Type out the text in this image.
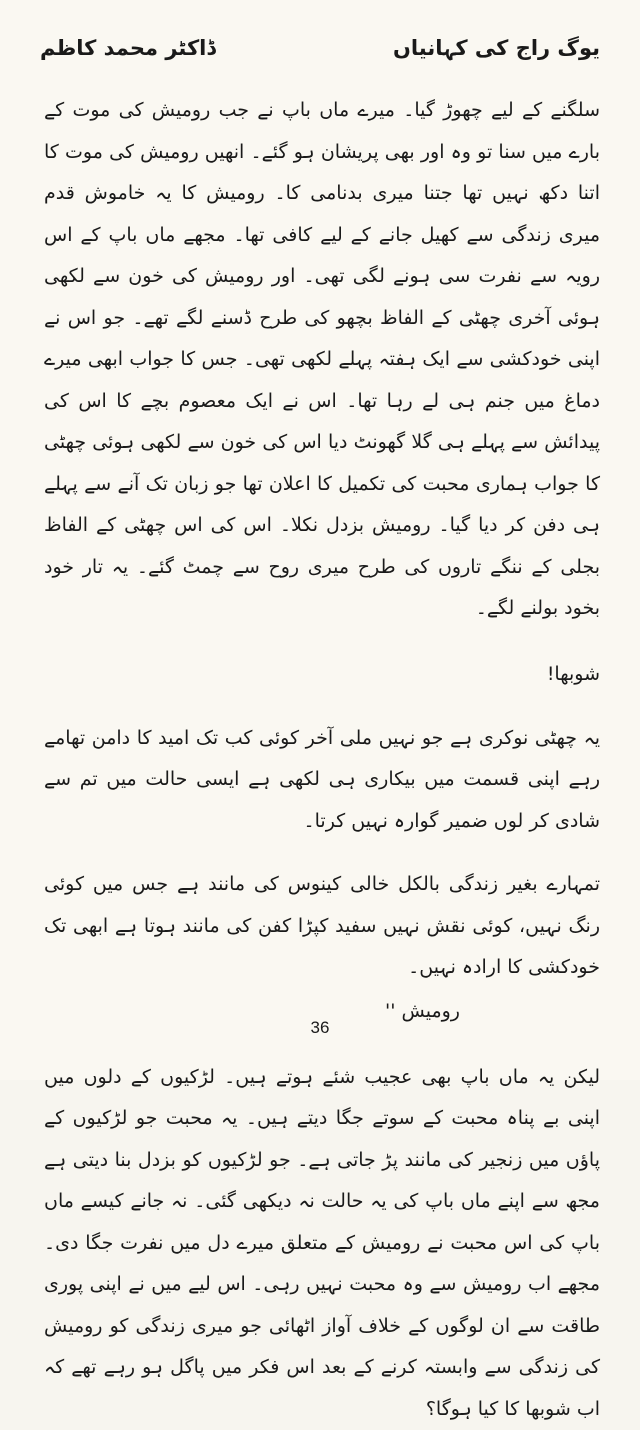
ڈاکٹر محمد کاظم	یوگ راج کی کہانیاں

سلگنے کے لیے چھوڑ گیا۔ میرے ماں باپ نے جب رومیش کی موت کے بارے میں سنا تو وہ اور بھی پریشان ہو گئے۔ انھیں رومیش کی موت کا اتنا دکھ نہیں تھا جتنا میری بدنامی کا۔ رومیش کا یہ خاموش قدم میری زندگی سے کھیل جانے کے لیے کافی تھا۔ مجھے ماں باپ کے اس رویہ سے نفرت سی ہونے لگی تھی۔ اور رومیش کی خون سے لکھی ہوئی آخری چھٹی کے الفاظ بچھو کی طرح ڈسنے لگے تھے۔ جو اس نے اپنی خودکشی سے ایک ہفتہ پہلے لکھی تھی۔ جس کا جواب ابھی میرے دماغ میں جنم ہی لے رہا تھا۔ اس نے ایک معصوم بچے کا اس کی پیدائش سے پہلے ہی گلا گھونٹ دیا اس کی خون سے لکھی ہوئی چھٹی کا جواب ہماری محبت کی تکمیل کا اعلان تھا جو زبان تک آنے سے پہلے ہی دفن کر دیا گیا۔ رومیش بزدل نکلا۔ اس کی اس چھٹی کے الفاظ بجلی کے ننگے تاروں کی طرح میری روح سے چمٹ گئے۔ یہ تار خود بخود بولنے لگے۔

شوبھا!

یہ چھٹی نوکری ہے جو نہیں ملی آخر کوئی کب تک امید کا دامن تھامے رہے اپنی قسمت میں بیکاری ہی لکھی ہے ایسی حالت میں تم سے شادی کر لوں ضمیر گوارہ نہیں کرتا۔

تمہارے بغیر زندگی بالکل خالی کینوس کی مانند ہے جس میں کوئی رنگ نہیں، کوئی نقش نہیں سفید کپڑا کفن کی مانند ہوتا ہے ابھی تک خودکشی کا ارادہ نہیں۔

رومیش ''

لیکن یہ ماں باپ بھی عجیب شئے ہوتے ہیں۔ لڑکیوں کے دلوں میں اپنی بے پناہ محبت کے سوتے جگا دیتے ہیں۔ یہ محبت جو لڑکیوں کے پاؤں میں زنجیر کی مانند پڑ جاتی ہے۔ جو لڑکیوں کو بزدل بنا دیتی ہے مجھ سے اپنے ماں باپ کی یہ حالت نہ دیکھی گئی۔ نہ جانے کیسے ماں باپ کی اس محبت نے رومیش کے متعلق میرے دل میں نفرت جگا دی۔ مجھے اب رومیش سے وہ محبت نہیں رہی۔ اس لیے میں نے اپنی پوری طاقت سے ان لوگوں کے خلاف آواز اٹھائی جو میری زندگی کو رومیش کی زندگی سے وابستہ کرنے کے بعد اس فکر میں پاگل ہو رہے تھے کہ اب شوبھا کا کیا ہوگا؟

36
